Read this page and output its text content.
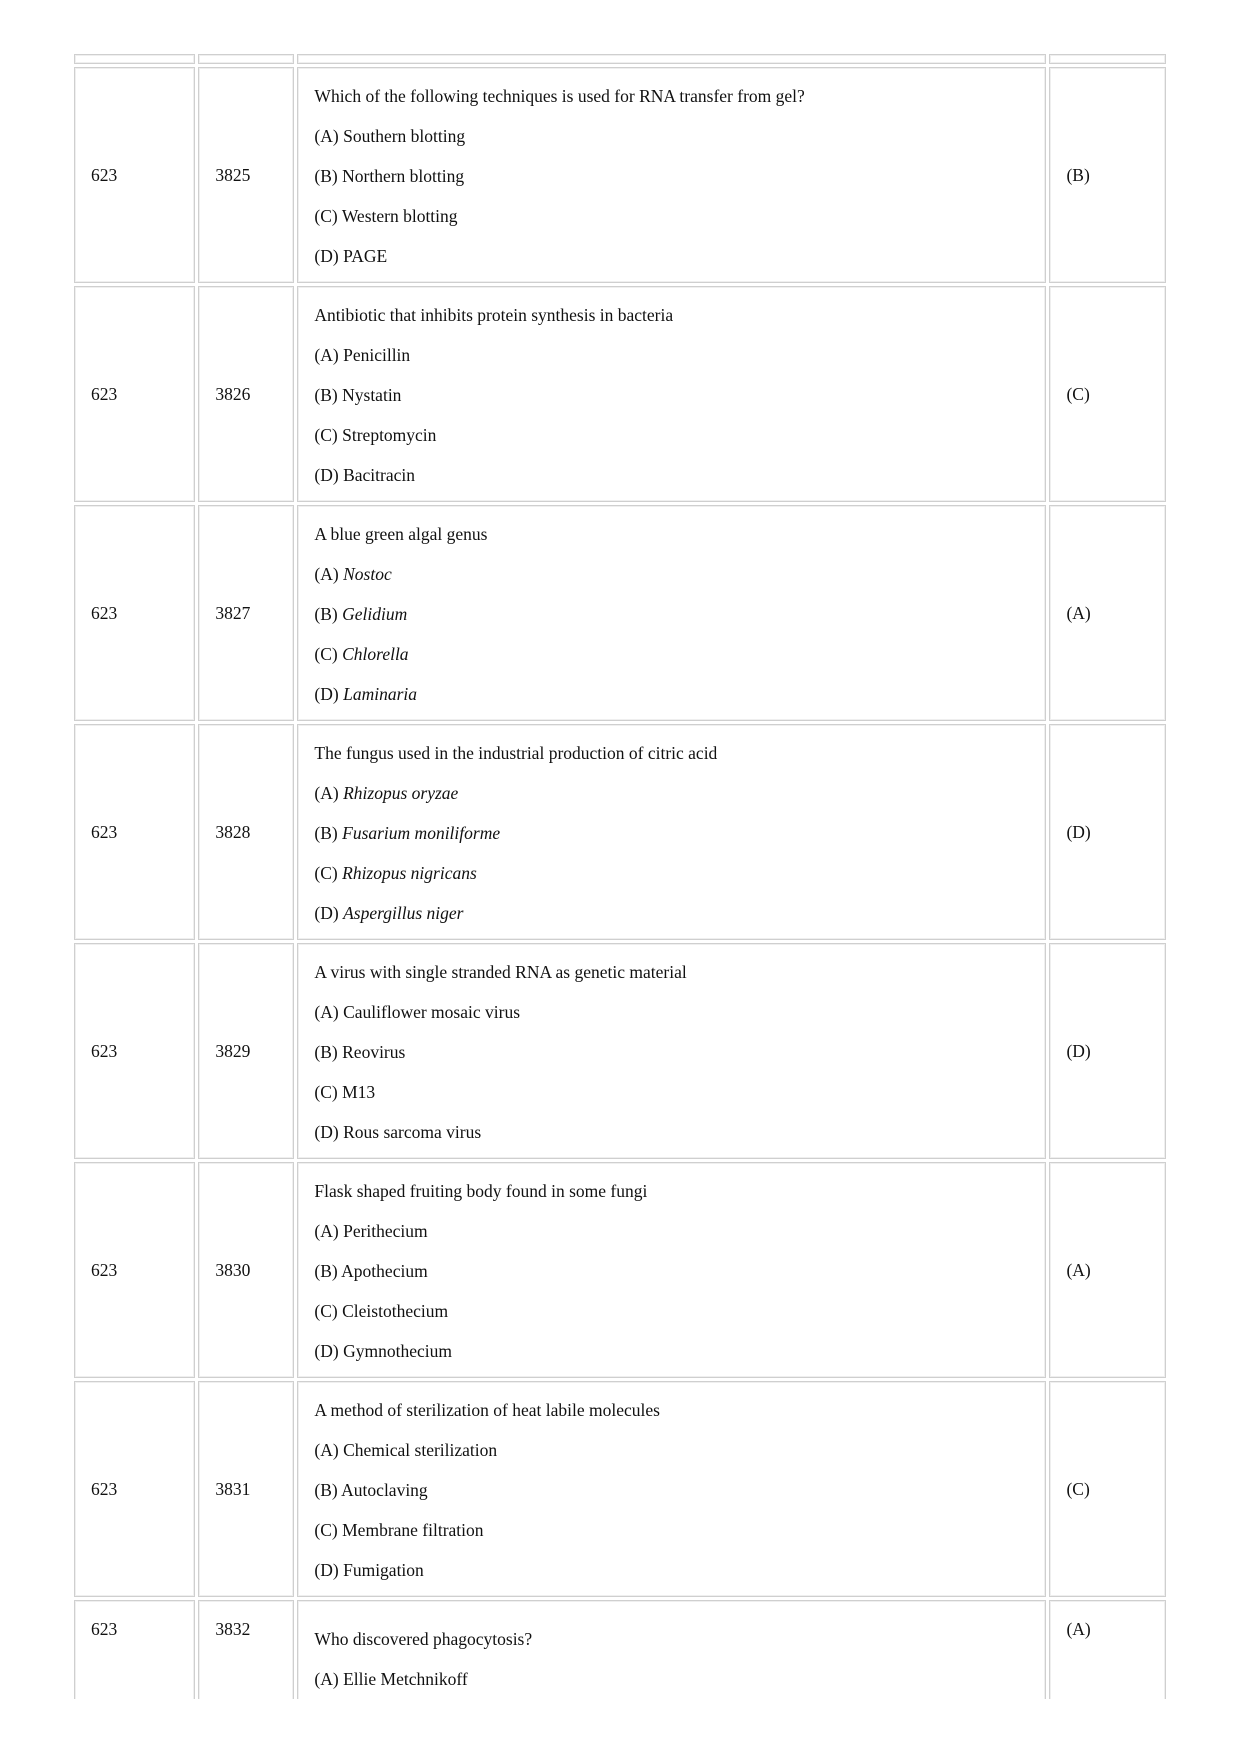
623	3825	Which of the following techniques is used for RNA transfer from gel?
(A) Southern blotting
(B) Northern blotting
(C) Western blotting
(D) PAGE	(B)
623	3826	Antibiotic that inhibits protein synthesis in bacteria
(A) Penicillin
(B) Nystatin
(C) Streptomycin
(D) Bacitracin	(C)
623	3827	A blue green algal genus
(A) Nostoc
(B) Gelidium
(C) Chlorella
(D) Laminaria	(A)
623	3828	The fungus used in the industrial production of citric acid
(A) Rhizopus oryzae
(B) Fusarium moniliforme
(C) Rhizopus nigricans
(D) Aspergillus niger	(D)
623	3829	A virus with single stranded RNA as genetic material
(A) Cauliflower mosaic virus
(B) Reovirus
(C) M13
(D) Rous sarcoma virus	(D)
623	3830	Flask shaped fruiting body found in some fungi
(A) Perithecium
(B) Apothecium
(C) Cleistothecium
(D) Gymnothecium	(A)
623	3831	A method of sterilization of heat labile molecules
(A) Chemical sterilization
(B) Autoclaving
(C) Membrane filtration
(D) Fumigation	(C)
623	3832	Who discovered phagocytosis?
(A) Ellie Metchnikoff	(A)
